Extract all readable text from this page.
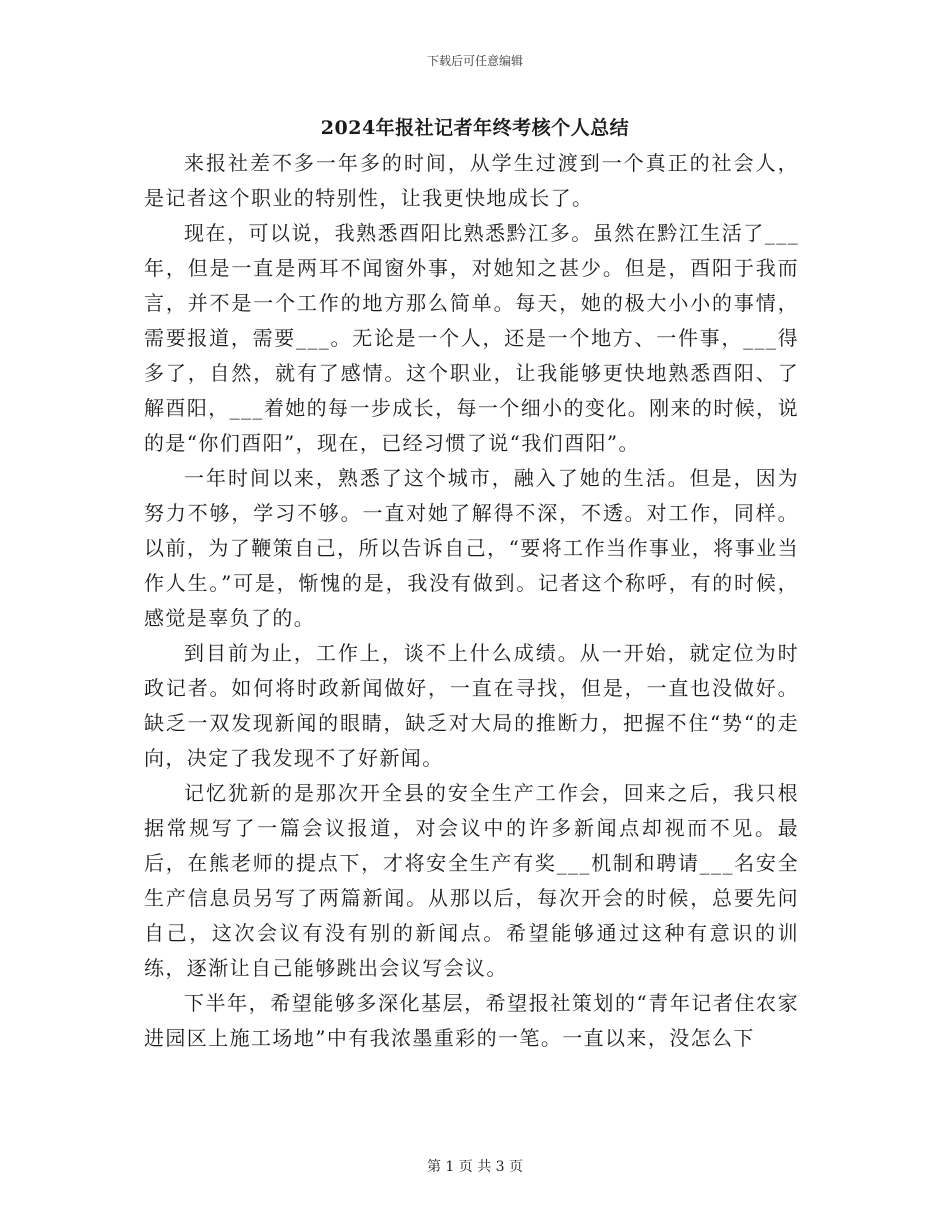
下载后可任意编辑
2024年报社记者年终考核个人总结

来报社差不多一年多的时间，从学生过渡到一个真正的社会人，是记者这个职业的特别性，让我更快地成长了。

现在，可以说，我熟悉酉阳比熟悉黔江多。虽然在黔江生活了___年，但是一直是两耳不闻窗外事，对她知之甚少。但是，酉阳于我而言，并不是一个工作的地方那么简单。每天，她的极大小小的事情，需要报道，需要___。无论是一个人，还是一个地方、一件事，___得多了，自然，就有了感情。这个职业，让我能够更快地熟悉酉阳、了解酉阳，___着她的每一步成长，每一个细小的变化。刚来的时候，说的是“你们酉阳”，现在，已经习惯了说“我们酉阳”。

一年时间以来，熟悉了这个城市，融入了她的生活。但是，因为努力不够，学习不够。一直对她了解得不深，不透。对工作，同样。以前，为了鞭策自己，所以告诉自己，“要将工作当作事业，将事业当作人生。”可是，惭愧的是，我没有做到。记者这个称呼，有的时候，感觉是辜负了的。

到目前为止，工作上，谈不上什么成绩。从一开始，就定位为时政记者。如何将时政新闻做好，一直在寻找，但是，一直也没做好。缺乏一双发现新闻的眼睛，缺乏对大局的推断力，把握不住“势“的走向，决定了我发现不了好新闻。

记忆犹新的是那次开全县的安全生产工作会，回来之后，我只根据常规写了一篇会议报道，对会议中的许多新闻点却视而不见。最后，在熊老师的提点下，才将安全生产有奖___机制和聘请___名安全生产信息员另写了两篇新闻。从那以后，每次开会的时候，总要先问自己，这次会议有没有别的新闻点。希望能够通过这种有意识的训练，逐渐让自己能够跳出会议写会议。

下半年，希望能够多深化基层，希望报社策划的“青年记者住农家进园区上施工场地”中有我浓墨重彩的一笔。一直以来，没怎么下

第 1 页 共 3 页
